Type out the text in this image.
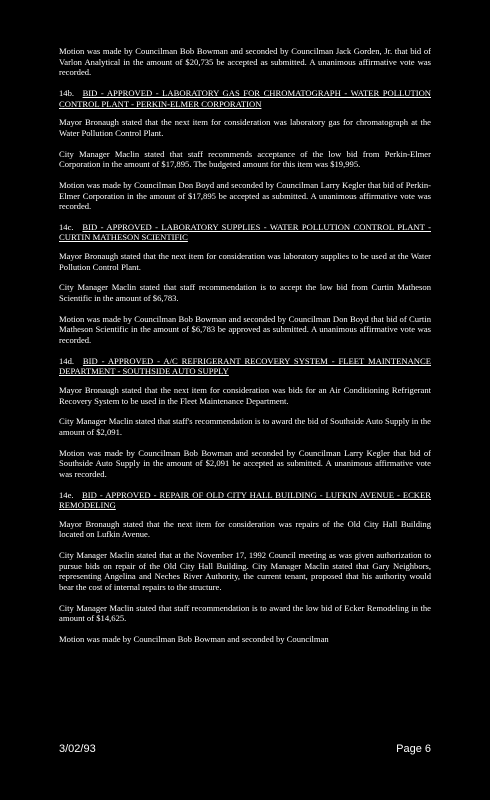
Motion was made by Councilman Bob Bowman and seconded by Councilman Jack Gorden, Jr. that bid of Varlon Analytical in the amount of $20,735 be accepted as submitted. A unanimous affirmative vote was recorded.

14b. BID - APPROVED - LABORATORY GAS FOR CHROMATOGRAPH - WATER POLLUTION CONTROL PLANT - PERKIN-ELMER CORPORATION

Mayor Bronaugh stated that the next item for consideration was laboratory gas for chromatograph at the Water Pollution Control Plant.

City Manager Maclin stated that staff recommends acceptance of the low bid from Perkin-Elmer Corporation in the amount of $17,895. The budgeted amount for this item was $19,995.

Motion was made by Councilman Don Boyd and seconded by Councilman Larry Kegler that bid of Perkin-Elmer Corporation in the amount of $17,895 be accepted as submitted. A unanimous affirmative vote was recorded.

14c. BID - APPROVED - LABORATORY SUPPLIES - WATER POLLUTION CONTROL PLANT - CURTIN MATHESON SCIENTIFIC

Mayor Bronaugh stated that the next item for consideration was laboratory supplies to be used at the Water Pollution Control Plant.

City Manager Maclin stated that staff recommendation is to accept the low bid from Curtin Matheson Scientific in the amount of $6,783.

Motion was made by Councilman Bob Bowman and seconded by Councilman Don Boyd that bid of Curtin Matheson Scientific in the amount of $6,783 be approved as submitted. A unanimous affirmative vote was recorded.

14d. BID - APPROVED - A/C REFRIGERANT RECOVERY SYSTEM - FLEET MAINTENANCE DEPARTMENT - SOUTHSIDE AUTO SUPPLY

Mayor Bronaugh stated that the next item for consideration was bids for an Air Conditioning Refrigerant Recovery System to be used in the Fleet Maintenance Department.

City Manager Maclin stated that staff's recommendation is to award the bid of Southside Auto Supply in the amount of $2,091.

Motion was made by Councilman Bob Bowman and seconded by Councilman Larry Kegler that bid of Southside Auto Supply in the amount of $2,091 be accepted as submitted. A unanimous affirmative vote was recorded.

14e. BID - APPROVED - REPAIR OF OLD CITY HALL BUILDING - LUFKIN AVENUE - ECKER REMODELING

Mayor Bronaugh stated that the next item for consideration was repairs of the Old City Hall Building located on Lufkin Avenue.

City Manager Maclin stated that at the November 17, 1992 Council meeting as was given authorization to pursue bids on repair of the Old City Hall Building. City Manager Maclin stated that Gary Neighbors, representing Angelina and Neches River Authority, the current tenant, proposed that his authority would bear the cost of internal repairs to the structure.

City Manager Maclin stated that staff recommendation is to award the low bid of Ecker Remodeling in the amount of $14,625.

Motion was made by Councilman Bob Bowman and seconded by Councilman

3/02/93	Page 6
